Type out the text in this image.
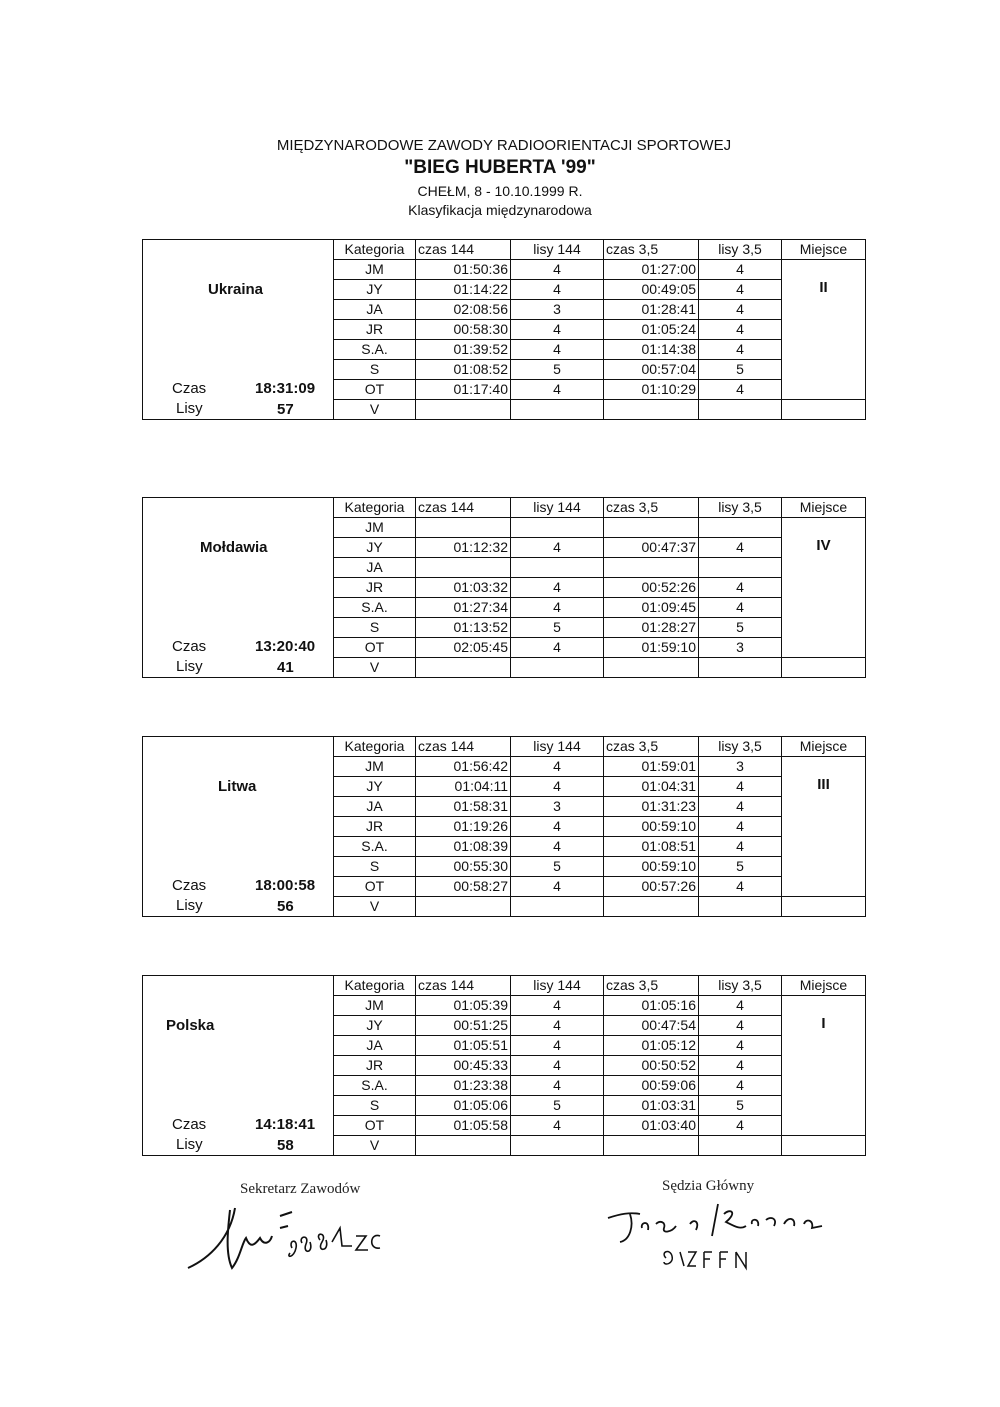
MIĘDZYNARODOWE ZAWODY RADIOORIENTACJI SPORTOWEJ
"BIEG HUBERTA '99"
CHEŁM, 8 - 10.10.1999 R.
Klasyfikacja międzynarodowa
	Kategoria	czas 144	lisy 144	czas 3,5	lisy 3,5	Miejsce
	JM	01:50:36	4	01:27:00	4	II

	JY	01:14:22	4	00:49:05	4	
	JA	02:08:56	3	01:28:41	4	
	JR	00:58:30	4	01:05:24	4	
	S.A.	01:39:52	4	01:14:38	4	
	S	01:08:52	5	00:57:04	5	
	OT	01:17:40	4	01:10:29	4	
	V					
Ukraina
Czas	18:31:09
Lisy	57
	Kategoria	czas 144	lisy 144	czas 3,5	lisy 3,5	Miejsce
	JM					IV

	JY	01:12:32	4	00:47:37	4	
	JA					
	JR	01:03:32	4	00:52:26	4	
	S.A.	01:27:34	4	01:09:45	4	
	S	01:13:52	5	01:28:27	5	
	OT	02:05:45	4	01:59:10	3	
	V					
Mołdawia
Czas	13:20:40
Lisy	41
	Kategoria	czas 144	lisy 144	czas 3,5	lisy 3,5	Miejsce
	JM	01:56:42	4	01:59:01	3	III

	JY	01:04:11	4	01:04:31	4	
	JA	01:58:31	3	01:31:23	4	
	JR	01:19:26	4	00:59:10	4	
	S.A.	01:08:39	4	01:08:51	4	
	S	00:55:30	5	00:59:10	5	
	OT	00:58:27	4	00:57:26	4	
	V					
Litwa
Czas	18:00:58
Lisy	56
	Kategoria	czas 144	lisy 144	czas 3,5	lisy 3,5	Miejsce
	JM	01:05:39	4	01:05:16	4	I

	JY	00:51:25	4	00:47:54	4	
	JA	01:05:51	4	01:05:12	4	
	JR	00:45:33	4	00:50:52	4	
	S.A.	01:23:38	4	00:59:06	4	
	S	01:05:06	5	01:03:31	5	
	OT	01:05:58	4	01:03:40	4	
	V					
Polska
Czas	14:18:41
Lisy	58
Sekretarz Zawodów	Sędzia Główny
